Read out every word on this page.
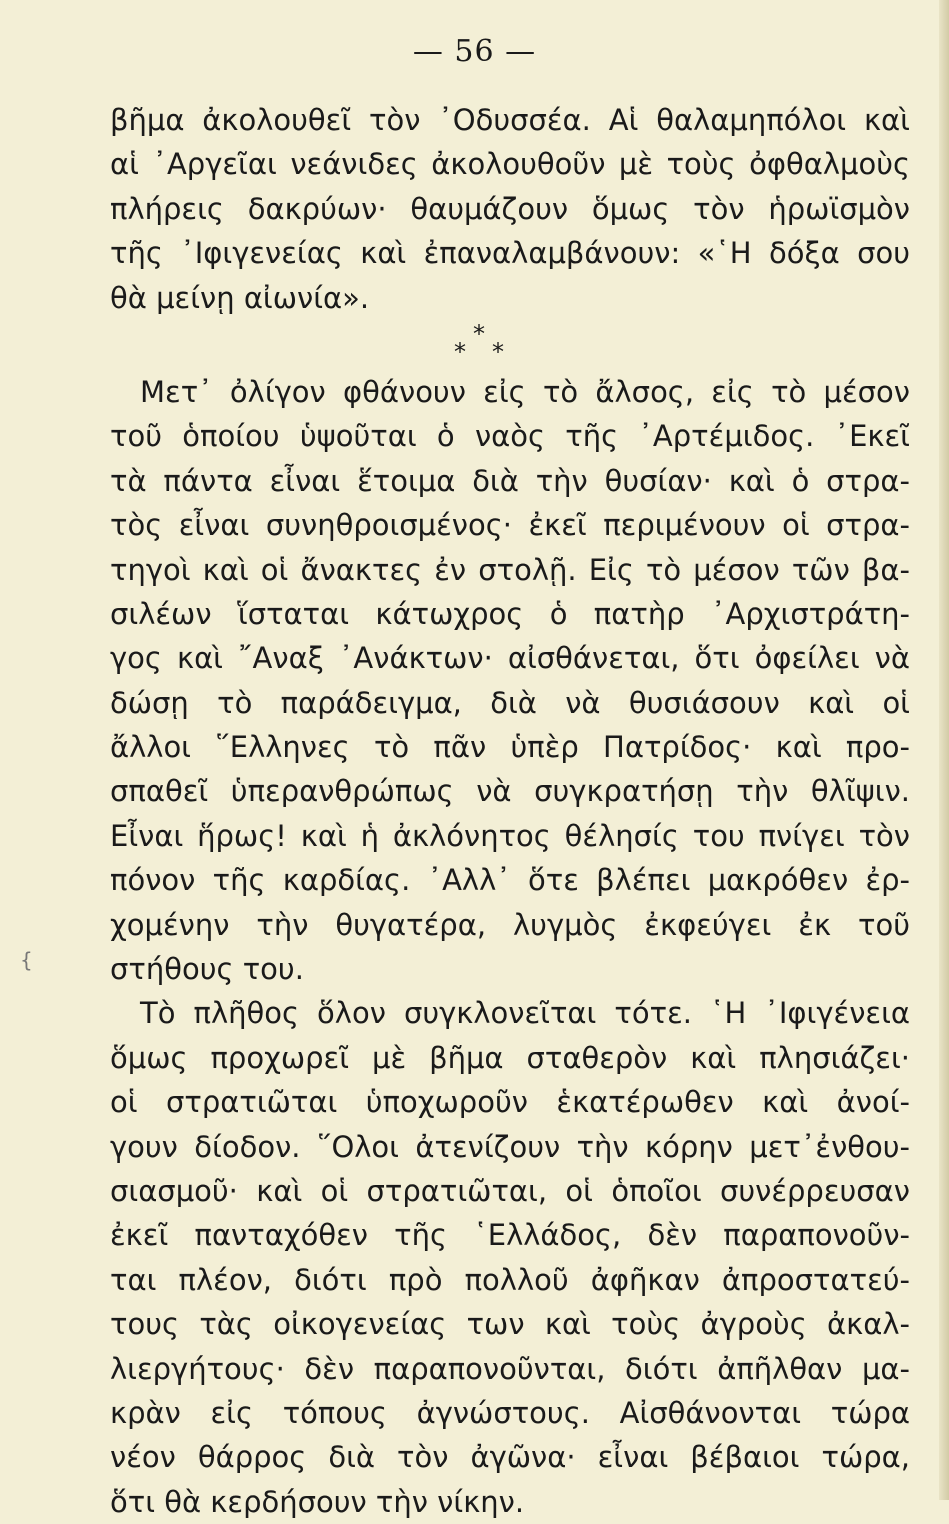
— 56 —
{
βῆμα ἀκολουθεῖ τὸν ᾿Οδυσσέα. Αἱ θαλαμηπόλοι καὶ
αἱ ᾿Αργεῖαι νεάνιδες ἀκολουθοῦν μὲ τοὺς ὀφθαλμοὺς
πλήρεις δακρύων· θαυμάζουν ὅμως τὸν ἡρωϊσμὸν
τῆς ᾿Ιφιγενείας καὶ ἐπαναλαμβάνουν: «῾Η δόξα σου
θὰ μείνῃ αἰωνία».
*
* *
Μετ᾿ ὀλίγον φθάνουν εἰς τὸ ἄλσος, εἰς τὸ μέσον
τοῦ ὁποίου ὑψοῦται ὁ ναὸς τῆς ᾿Αρτέμιδος. ᾿Εκεῖ
τὰ πάντα εἶναι ἕτοιμα διὰ τὴν θυσίαν· καὶ ὁ στρα-
τὸς εἶναι συνηθροισμένος· ἐκεῖ περιμένουν οἱ στρα-
τηγοὶ καὶ οἱ ἄνακτες ἐν στολῇ. Εἰς τὸ μέσον τῶν βα-
σιλέων ἵσταται κάτωχρος ὁ πατὴρ ᾿Αρχιστράτη-
γος καὶ ῎Αναξ ᾿Ανάκτων· αἰσθάνεται, ὅτι ὀφείλει νὰ
δώσῃ τὸ παράδειγμα, διὰ νὰ θυσιάσουν καὶ οἱ
ἄλλοι ῞Ελληνες τὸ πᾶν ὑπὲρ Πατρίδος· καὶ προ-
σπαθεῖ ὑπερανθρώπως νὰ συγκρατήσῃ τὴν θλῖψιν.
Εἶναι ἥρως! καὶ ἡ ἀκλόνητος θέλησίς του πνίγει τὸν
πόνον τῆς καρδίας. ᾿Αλλ᾿ ὅτε βλέπει μακρόθεν ἐρ-
χομένην τὴν θυγατέρα, λυγμὸς ἐκφεύγει ἐκ τοῦ
στήθους του.
Τὸ πλῆθος ὅλον συγκλονεῖται τότε. ῾Η ᾿Ιφιγένεια
ὅμως προχωρεῖ μὲ βῆμα σταθερὸν καὶ πλησιάζει·
οἱ στρατιῶται ὑποχωροῦν ἑκατέρωθεν καὶ ἀνοί-
γουν δίοδον. ῞Ολοι ἀτενίζουν τὴν κόρην μετ᾿ἐνθου-
σιασμοῦ· καὶ οἱ στρατιῶται, οἱ ὁποῖοι συνέρρευσαν
ἐκεῖ πανταχόθεν τῆς ῾Ελλάδος, δὲν παραπονοῦν-
ται πλέον, διότι πρὸ πολλοῦ ἀφῆκαν ἀπροστατεύ-
τους τὰς οἰκογενείας των καὶ τοὺς ἀγροὺς ἀκαλ-
λιεργήτους· δὲν παραπονοῦνται, διότι ἀπῆλθαν μα-
κρὰν εἰς τόπους ἀγνώστους. Αἰσθάνονται τώρα
νέον θάρρος διὰ τὸν ἀγῶνα· εἶναι βέβαιοι τώρα,
ὅτι θὰ κερδήσουν τὴν νίκην.
